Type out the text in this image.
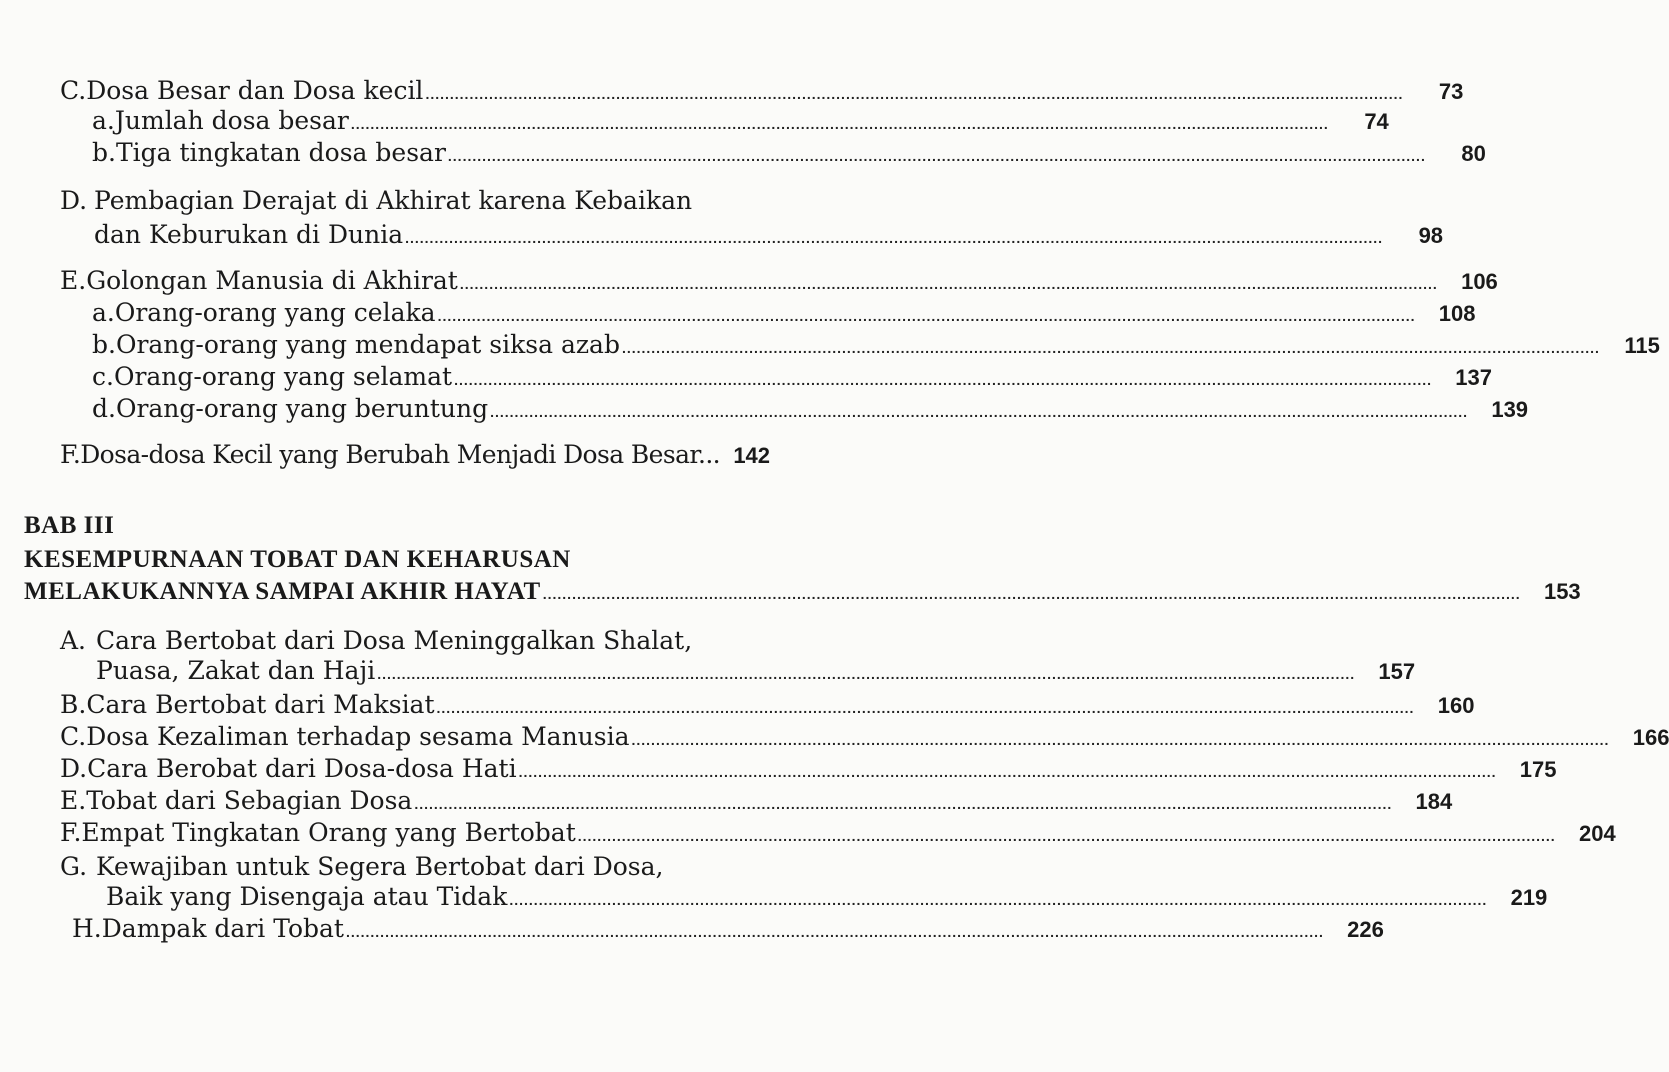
C. Dosa Besar dan Dosa kecil ........................................................................................................................................................................................................	73
a. Jumlah dosa besar ........................................................................................................................................................................................................	74
b. Tiga tingkatan dosa besar ........................................................................................................................................................................................................	80
D. Pembagian Derajat di Akhirat karena Kebaikan
dan Keburukan di Dunia ........................................................................................................................................................................................................	98
E. Golongan Manusia di Akhirat ........................................................................................................................................................................................................	106
a. Orang-orang yang celaka ........................................................................................................................................................................................................	108
b. Orang-orang yang mendapat siksa azab ........................................................................................................................................................................................................	115
c. Orang-orang yang selamat ........................................................................................................................................................................................................	137
d. Orang-orang yang beruntung ........................................................................................................................................................................................................	139
F. Dosa-dosa Kecil yang Berubah Menjadi Dosa Besar... 142
BAB III
KESEMPURNAAN TOBAT DAN KEHARUSAN
MELAKUKANNYA SAMPAI AKHIR HAYAT ........................................................................................................................................................................................................	153
A. Cara Bertobat dari Dosa Meninggalkan Shalat,
Puasa, Zakat dan Haji ........................................................................................................................................................................................................	157
B. Cara Bertobat dari Maksiat ........................................................................................................................................................................................................	160
C. Dosa Kezaliman terhadap sesama Manusia ........................................................................................................................................................................................................	166
D. Cara Berobat dari Dosa-dosa Hati ........................................................................................................................................................................................................	175
E. Tobat dari Sebagian Dosa ........................................................................................................................................................................................................	184
F. Empat Tingkatan Orang yang Bertobat ........................................................................................................................................................................................................	204
G. Kewajiban untuk Segera Bertobat dari Dosa,
Baik yang Disengaja atau Tidak ........................................................................................................................................................................................................	219
H. Dampak dari Tobat ........................................................................................................................................................................................................	226
